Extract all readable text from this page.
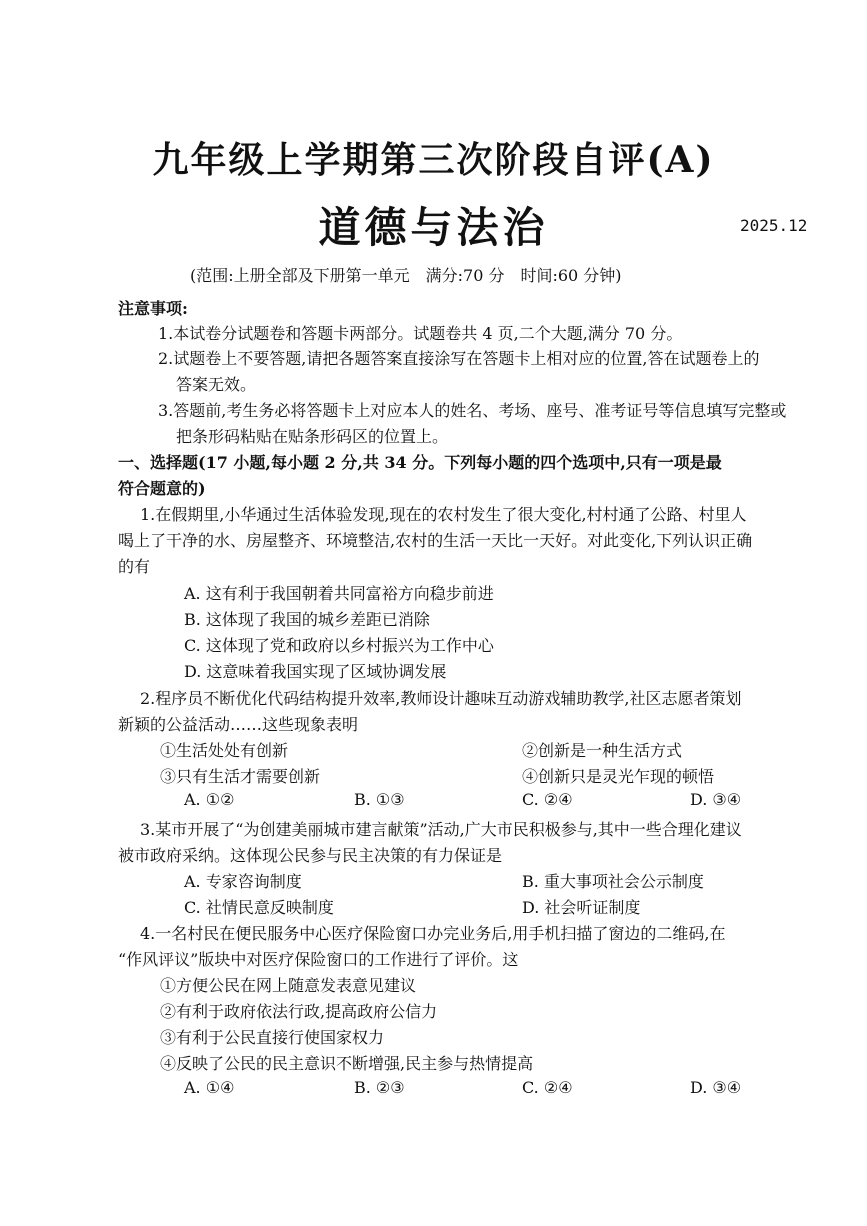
九年级上学期第三次阶段自评(A)
道德与法治	2025.12
(范围:上册全部及下册第一单元　满分:70 分　时间:60 分钟)
注意事项:
1.本试卷分试题卷和答题卡两部分。试题卷共 4 页,二个大题,满分 70 分。
2.试题卷上不要答题,请把各题答案直接涂写在答题卡上相对应的位置,答在试题卷上的
答案无效。
3.答题前,考生务必将答题卡上对应本人的姓名、考场、座号、准考证号等信息填写完整或
把条形码粘贴在贴条形码区的位置上。
一、选择题(17 小题,每小题 2 分,共 34 分。下列每小题的四个选项中,只有一项是最
符合题意的)
1.在假期里,小华通过生活体验发现,现在的农村发生了很大变化,村村通了公路、村里人
喝上了干净的水、房屋整齐、环境整洁,农村的生活一天比一天好。对此变化,下列认识正确
的有
A. 这有利于我国朝着共同富裕方向稳步前进
B. 这体现了我国的城乡差距已消除
C. 这体现了党和政府以乡村振兴为工作中心
D. 这意味着我国实现了区域协调发展
2.程序员不断优化代码结构提升效率,教师设计趣味互动游戏辅助教学,社区志愿者策划
新颖的公益活动……这些现象表明
①生活处处有创新	②创新是一种生活方式
③只有生活才需要创新	④创新只是灵光乍现的顿悟
A. ①②	B. ①③	C. ②④	D. ③④
3.某市开展了“为创建美丽城市建言献策”活动,广大市民积极参与,其中一些合理化建议
被市政府采纳。这体现公民参与民主决策的有力保证是
A. 专家咨询制度	B. 重大事项社会公示制度
C. 社情民意反映制度	D. 社会听证制度
4.一名村民在便民服务中心医疗保险窗口办完业务后,用手机扫描了窗边的二维码,在
“作风评议”版块中对医疗保险窗口的工作进行了评价。这
①方便公民在网上随意发表意见建议
②有利于政府依法行政,提高政府公信力
③有利于公民直接行使国家权力
④反映了公民的民主意识不断增强,民主参与热情提高
A. ①④	B. ②③	C. ②④	D. ③④
